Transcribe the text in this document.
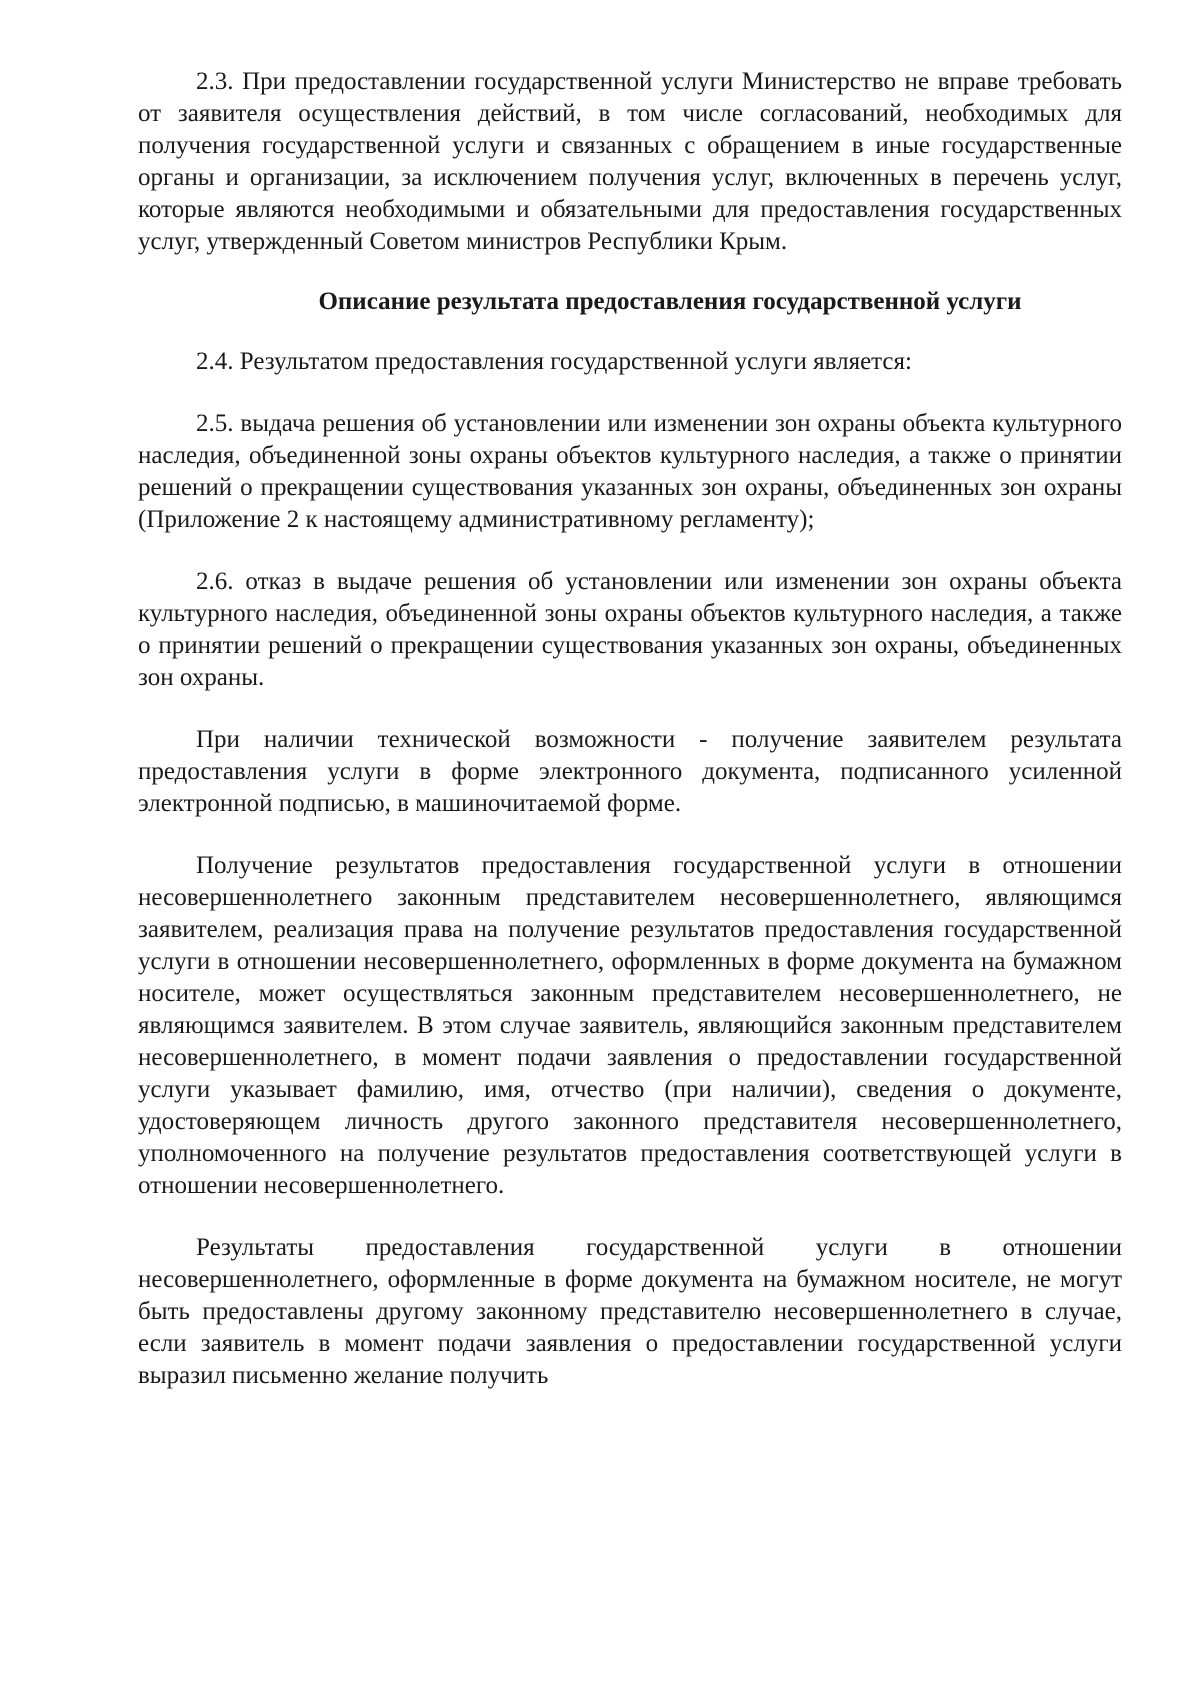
2.3. При предоставлении государственной услуги Министерство не вправе требовать от заявителя осуществления действий, в том числе согласований, необходимых для получения государственной услуги и связанных с обращением в иные государственные органы и организации, за исключением получения услуг, включенных в перечень услуг, которые являются необходимыми и обязательными для предоставления государственных услуг, утвержденный Советом министров Республики Крым.

Описание результата предоставления государственной услуги

2.4. Результатом предоставления государственной услуги является:

2.5. выдача решения об установлении или изменении зон охраны объекта культурного наследия, объединенной зоны охраны объектов культурного наследия, а также о принятии решений о прекращении существования указанных зон охраны, объединенных зон охраны (Приложение 2 к настоящему административному регламенту);

2.6. отказ в выдаче решения об установлении или изменении зон охраны объекта культурного наследия, объединенной зоны охраны объектов культурного наследия, а также о принятии решений о прекращении существования указанных зон охраны, объединенных зон охраны.

При наличии технической возможности - получение заявителем результата предоставления услуги в форме электронного документа, подписанного усиленной электронной подписью, в машиночитаемой форме.

Получение результатов предоставления государственной услуги в отношении несовершеннолетнего законным представителем несовершеннолетнего, являющимся заявителем, реализация права на получение результатов предоставления государственной услуги в отношении несовершеннолетнего, оформленных в форме документа на бумажном носителе, может осуществляться законным представителем несовершеннолетнего, не являющимся заявителем. В этом случае заявитель, являющийся законным представителем несовершеннолетнего, в момент подачи заявления о предоставлении государственной услуги указывает фамилию, имя, отчество (при наличии), сведения о документе, удостоверяющем личность другого законного представителя несовершеннолетнего, уполномоченного на получение результатов предоставления соответствующей услуги в отношении несовершеннолетнего.

Результаты предоставления государственной услуги в отношении несовершеннолетнего, оформленные в форме документа на бумажном носителе, не могут быть предоставлены другому законному представителю несовершеннолетнего в случае, если заявитель в момент подачи заявления о предоставлении государственной услуги выразил письменно желание получить
